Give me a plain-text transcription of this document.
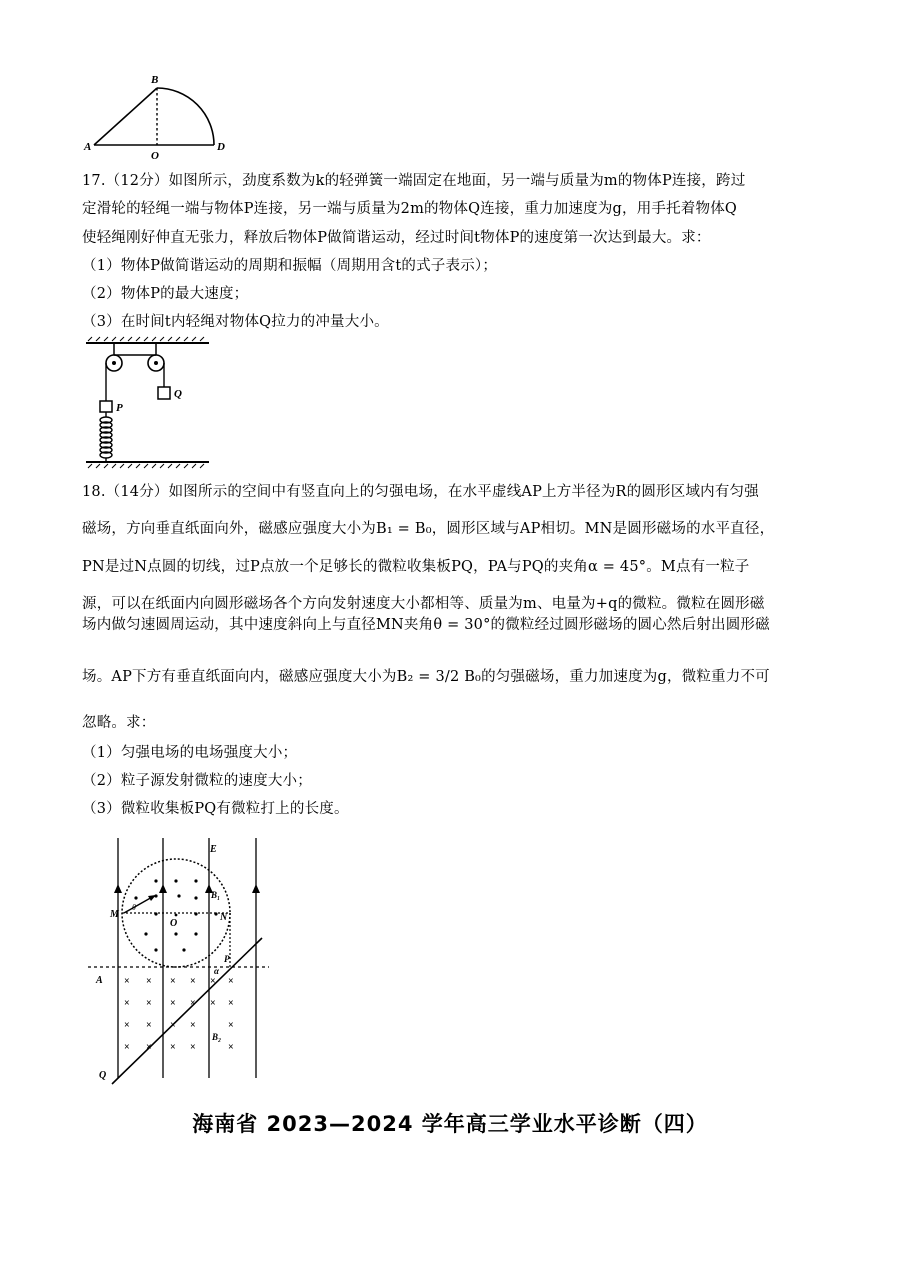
B
A
O
D
17.（12分）如图所示，劲度系数为k的轻弹簧一端固定在地面，另一端与质量为m的物体P连接，跨过
定滑轮的轻绳一端与物体P连接，另一端与质量为2m的物体Q连接，重力加速度为g，用手托着物体Q
使轻绳刚好伸直无张力，释放后物体P做简谐运动，经过时间t物体P的速度第一次达到最大。求：
（1）物体P做简谐运动的周期和振幅（周期用含t的式子表示）；
（2）物体P的最大速度；
（3）在时间t内轻绳对物体Q拉力的冲量大小。
P
Q
18.（14分）如图所示的空间中有竖直向上的匀强电场，在水平虚线AP上方半径为R的圆形区域内有匀强
磁场，方向垂直纸面向外，磁感应强度大小为B₁ = B₀，圆形区域与AP相切。MN是圆形磁场的水平直径，
PN是过N点圆的切线，过P点放一个足够长的微粒收集板PQ，PA与PQ的夹角α = 45°。M点有一粒子
源，可以在纸面内向圆形磁场各个方向发射速度大小都相等、质量为m、电量为+q的微粒。微粒在圆形磁
场内做匀速圆周运动，其中速度斜向上与直径MN夹角θ = 30°的微粒经过圆形磁场的圆心然后射出圆形磁
场。AP下方有垂直纸面向内，磁感应强度大小为B₂ = 3/2 B₀的匀强磁场，重力加速度为g，微粒重力不可
忽略。求：
（1）匀强电场的电场强度大小；
（2）粒子源发射微粒的速度大小；
（3）微粒收集板PQ有微粒打上的长度。
E
B₁
θ
M	N
O
A
P
α
Q
× × × × × ×
× × × × × ×
× × × ×	×
× × × ×	×
B₂
海南省 2023—2024 学年高三学业水平诊断（四）
